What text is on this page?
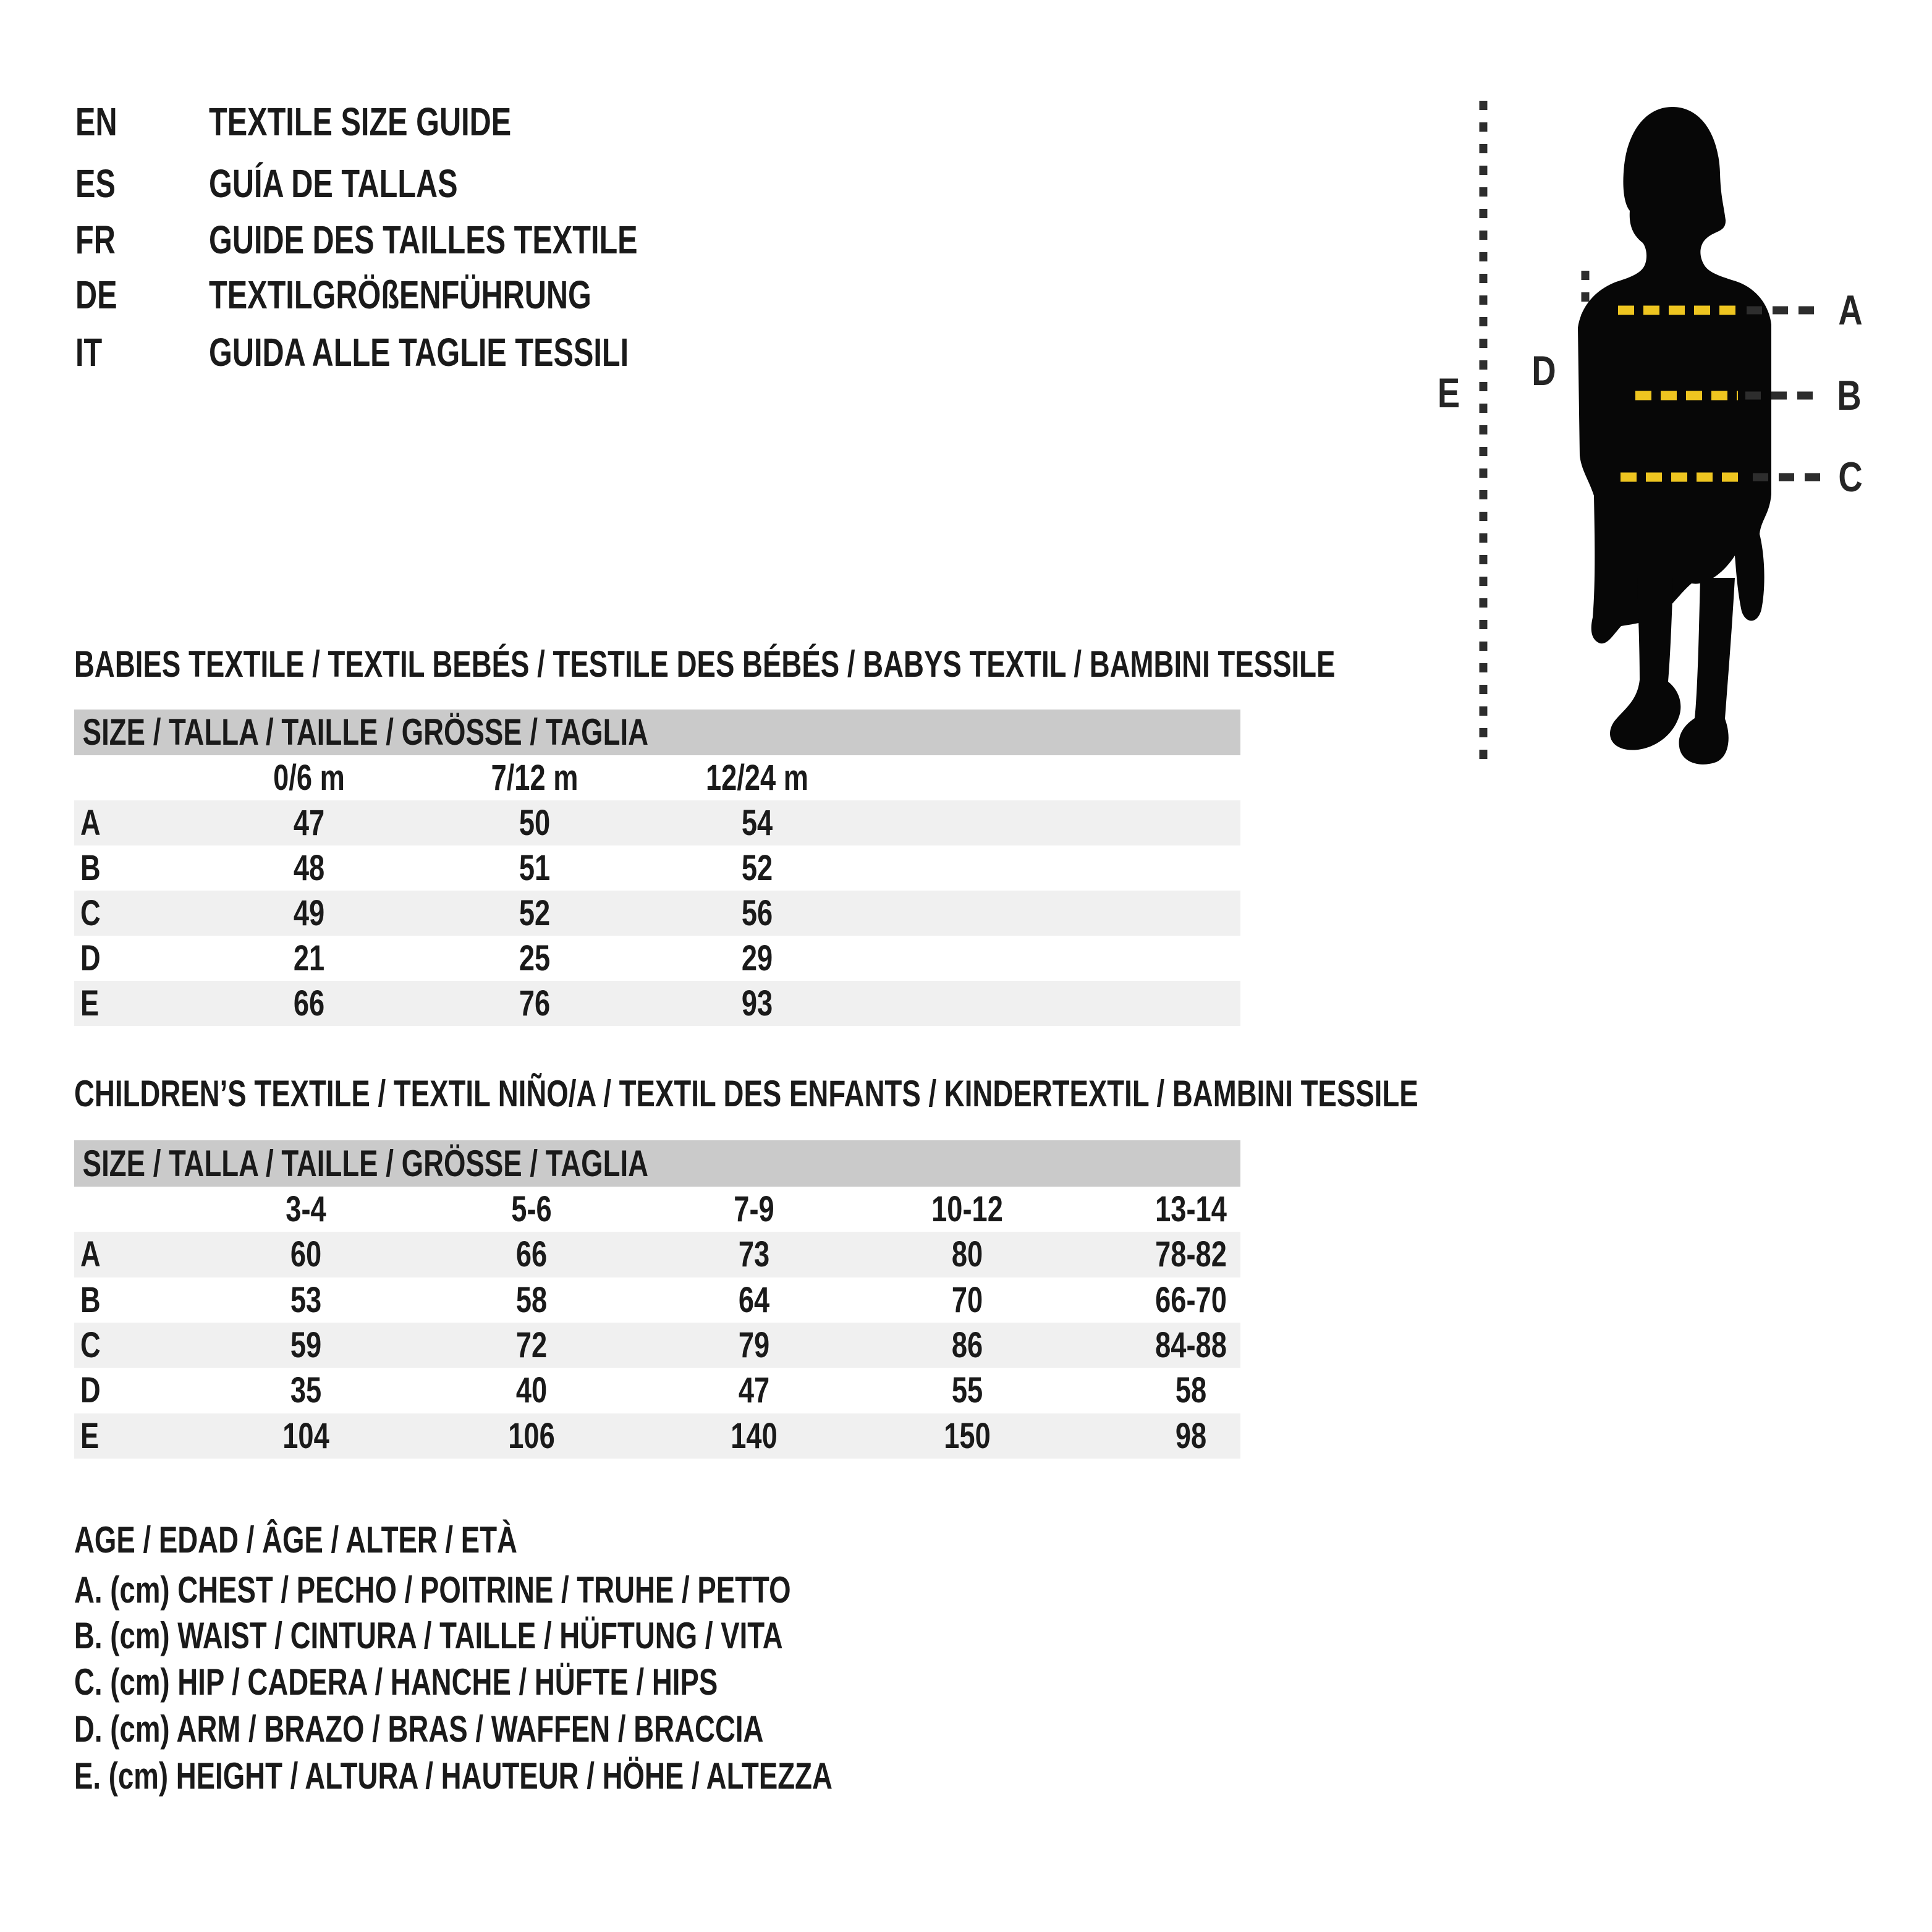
EN	TEXTILE SIZE GUIDE
ES	GUÍA DE TALLAS
FR	GUIDE DES TAILLES TEXTILE
DE	TEXTILGRÖßENFÜHRUNG
IT	GUIDA ALLE TAGLIE TESSILI
BABIES TEXTILE / TEXTIL BEBÉS / TESTILE DES BÉBÉS / BABYS TEXTIL / BAMBINI TESSILE
SIZE / TALLA / TAILLE / GRÖSSE / TAGLIA
0/6 m	7/12 m	12/24 m
A	47	50	54
B	48	51	52
C	49	52	56
D	21	25	29
E	66	76	93
CHILDREN’S TEXTILE / TEXTIL NIÑO/A / TEXTIL DES ENFANTS / KINDERTEXTIL / BAMBINI TESSILE
SIZE / TALLA / TAILLE / GRÖSSE / TAGLIA
3-4	5-6	7-9	10-12	13-14
A	60	66	73	80	78-82
B	53	58	64	70	66-70
C	59	72	79	86	84-88
D	35	40	47	55	58
E	104	106	140	150	98
AGE / EDAD / ÂGE / ALTER / ETÀ
A. (cm) CHEST / PECHO / POITRINE / TRUHE / PETTO
B. (cm) WAIST / CINTURA / TAILLE / HÜFTUNG / VITA
C. (cm) HIP / CADERA / HANCHE / HÜFTE / HIPS
D. (cm) ARM / BRAZO / BRAS / WAFFEN / BRACCIA
E. (cm) HEIGHT / ALTURA / HAUTEUR / HÖHE / ALTEZZA
A
B
C
D
E
